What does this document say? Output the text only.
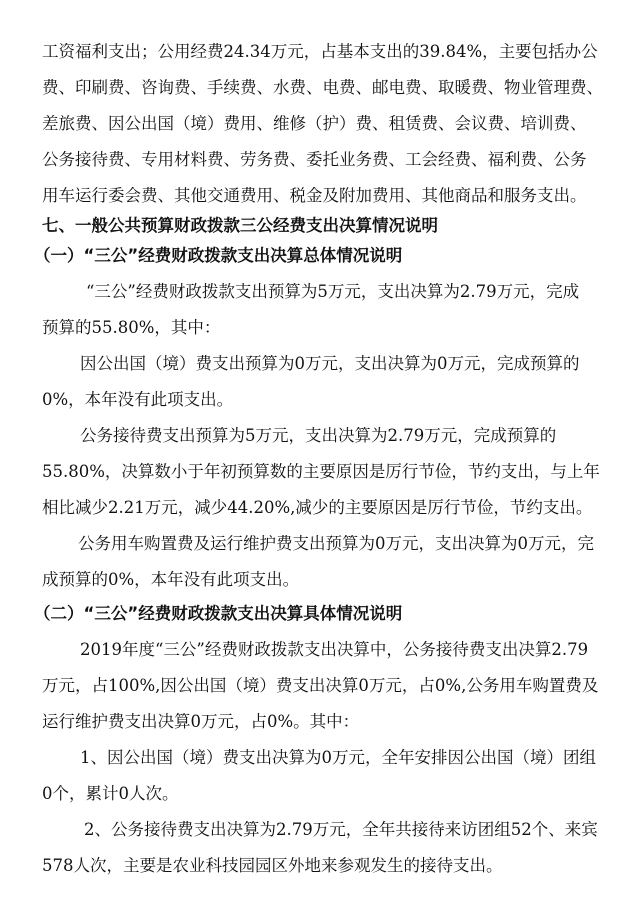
工资福利支出；公用经费24.34万元，占基本支出的39.84%，主要包括办公
费、印刷费、咨询费、手续费、水费、电费、邮电费、取暖费、物业管理费、
差旅费、因公出国（境）费用、维修（护）费、租赁费、会议费、培训费、
公务接待费、专用材料费、劳务费、委托业务费、工会经费、福利费、公务
用车运行委会费、其他交通费用、税金及附加费用、其他商品和服务支出。
七、一般公共预算财政拨款三公经费支出决算情况说明
（一）“三公”经费财政拨款支出决算总体情况说明
“三公”经费财政拨款支出预算为5万元，支出决算为2.79万元，完成
预算的55.80%，其中：
因公出国（境）费支出预算为0万元，支出决算为0万元，完成预算的
0%，本年没有此项支出。
公务接待费支出预算为5万元，支出决算为2.79万元，完成预算的
55.80%，决算数小于年初预算数的主要原因是厉行节俭，节约支出，与上年
相比减少2.21万元，减少44.20%,减少的主要原因是厉行节俭，节约支出。
公务用车购置费及运行维护费支出预算为0万元，支出决算为0万元，完
成预算的0%，本年没有此项支出。
（二）“三公”经费财政拨款支出决算具体情况说明
2019年度“三公”经费财政拨款支出决算中，公务接待费支出决算2.79
万元，占100%,因公出国（境）费支出决算0万元，占0%,公务用车购置费及
运行维护费支出决算0万元，占0%。其中：
1、因公出国（境）费支出决算为0万元，全年安排因公出国（境）团组
0个，累计0人次。
2、公务接待费支出决算为2.79万元，全年共接待来访团组52个、来宾
578人次，主要是农业科技园园区外地来参观发生的接待支出。
